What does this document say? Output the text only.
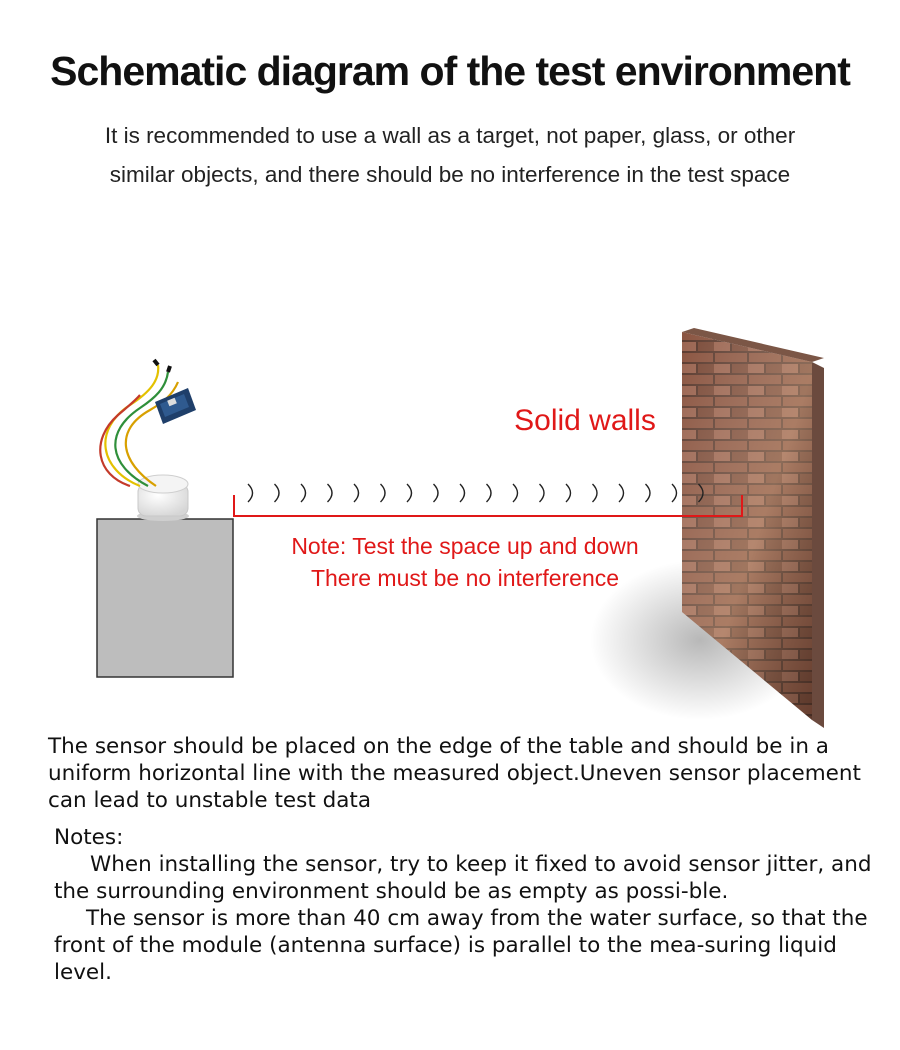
Schematic diagram of the test environment
It is recommended to use a wall as a target, not paper, glass, or other similar objects, and there should be no interference in the test space
Solid walls
Note: Test the space up and down
There must be no interference
The sensor should be placed on the edge of the table and should be in a uniform horizontal line with the measured object.Uneven sensor placement can lead to unstable test data

Notes:

When installing the sensor, try to keep it fixed to avoid sensor jitter, and the surrounding environment should be as empty as possi-ble.

The sensor is more than 40 cm away from the water surface, so that the front of the module (antenna surface) is parallel to the mea-suring liquid level.
